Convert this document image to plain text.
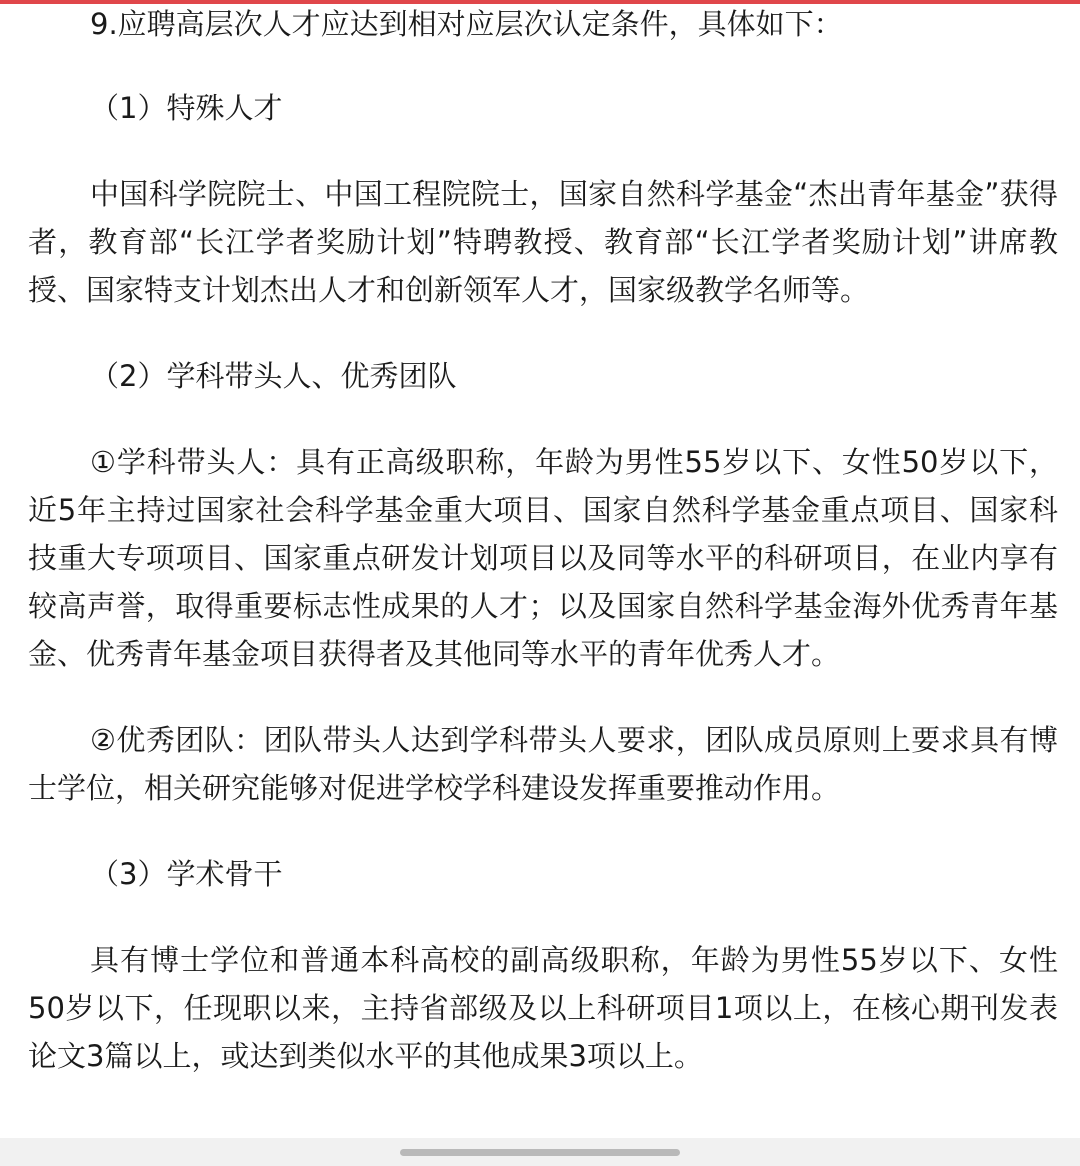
9.应聘高层次人才应达到相对应层次认定条件，具体如下：

（1）特殊人才

中国科学院院士、中国工程院院士，国家自然科学基金“杰出青年基金”获得者，教育部“长江学者奖励计划”特聘教授、教育部“长江学者奖励计划”讲席教授、国家特支计划杰出人才和创新领军人才，国家级教学名师等。

（2）学科带头人、优秀团队

①学科带头人：具有正高级职称，年龄为男性55岁以下、女性50岁以下，近5年主持过国家社会科学基金重大项目、国家自然科学基金重点项目、国家科技重大专项项目、国家重点研发计划项目以及同等水平的科研项目，在业内享有较高声誉，取得重要标志性成果的人才；以及国家自然科学基金海外优秀青年基金、优秀青年基金项目获得者及其他同等水平的青年优秀人才。

②优秀团队：团队带头人达到学科带头人要求，团队成员原则上要求具有博士学位，相关研究能够对促进学校学科建设发挥重要推动作用。

（3）学术骨干

具有博士学位和普通本科高校的副高级职称，年龄为男性55岁以下、女性50岁以下，任现职以来，主持省部级及以上科研项目1项以上，在核心期刊发表论文3篇以上，或达到类似水平的其他成果3项以上。
